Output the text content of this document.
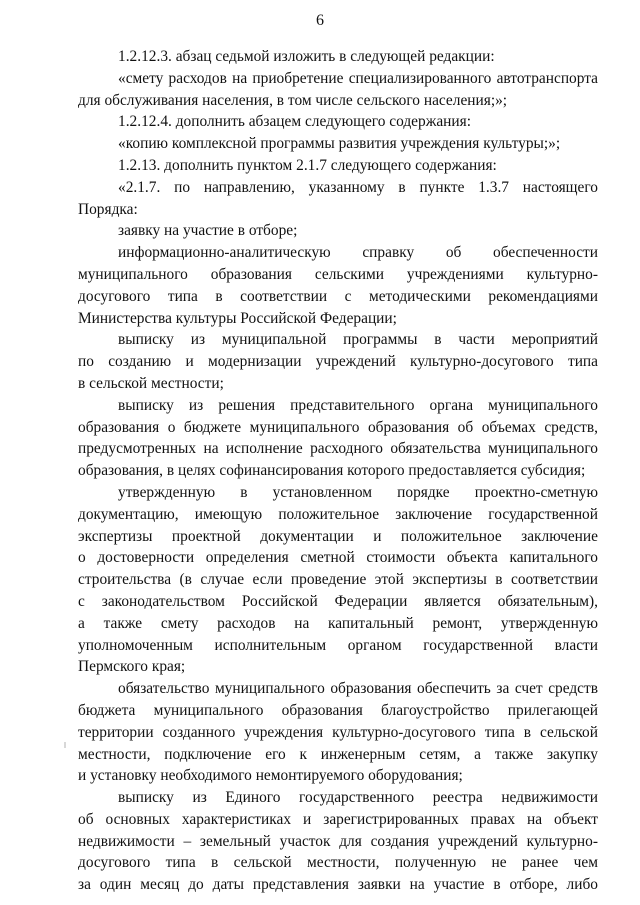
6
1.2.12.3. абзац седьмой изложить в следующей редакции:
«смету расходов на приобретение специализированного автотранспорта
для обслуживания населения, в том числе сельского населения;»;
1.2.12.4. дополнить абзацем следующего содержания:
«копию комплексной программы развития учреждения культуры;»;
1.2.13. дополнить пунктом 2.1.7 следующего содержания:
«2.1.7. по направлению, указанному в пункте 1.3.7 настоящего
Порядка:
заявку на участие в отборе;
информационно-аналитическую справку об обеспеченности
муниципального образования сельскими учреждениями культурно-
досугового типа в соответствии с методическими рекомендациями
Министерства культуры Российской Федерации;
выписку из муниципальной программы в части мероприятий
по созданию и модернизации учреждений культурно-досугового типа
в сельской местности;
выписку из решения представительного органа муниципального
образования о бюджете муниципального образования об объемах средств,
предусмотренных на исполнение расходного обязательства муниципального
образования, в целях софинансирования которого предоставляется субсидия;
утвержденную в установленном порядке проектно-сметную
документацию, имеющую положительное заключение государственной
экспертизы проектной документации и положительное заключение
о достоверности определения сметной стоимости объекта капитального
строительства (в случае если проведение этой экспертизы в соответствии
с законодательством Российской Федерации является обязательным),
а также смету расходов на капитальный ремонт, утвержденную
уполномоченным исполнительным органом государственной власти
Пермского края;
обязательство муниципального образования обеспечить за счет средств
бюджета муниципального образования благоустройство прилегающей
территории созданного учреждения культурно-досугового типа в сельской
местности, подключение его к инженерным сетям, а также закупку
и установку необходимого немонтируемого оборудования;
выписку из Единого государственного реестра недвижимости
об основных характеристиках и зарегистрированных правах на объект
недвижимости – земельный участок для создания учреждений культурно-
досугового типа в сельской местности, полученную не ранее чем
за один месяц до даты представления заявки на участие в отборе, либо
